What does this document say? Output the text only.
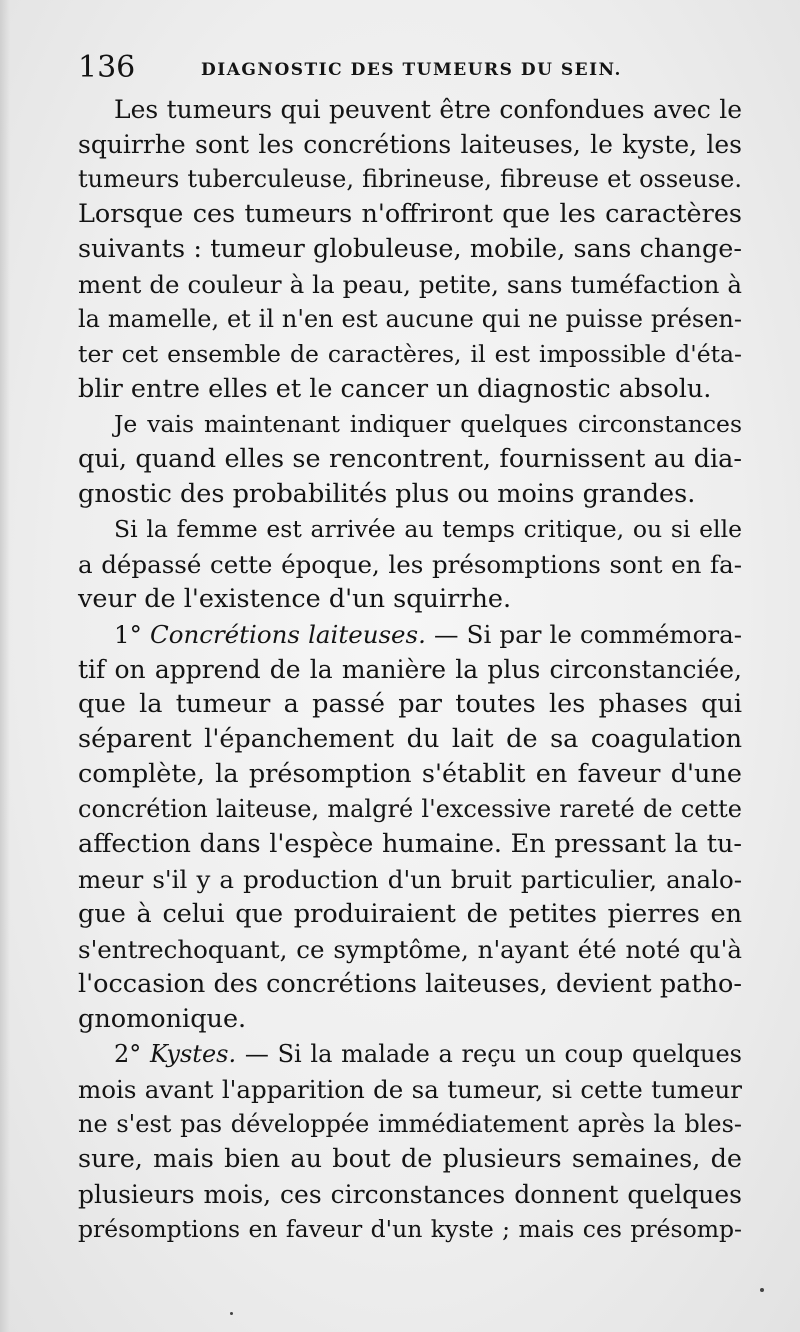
136	DIAGNOSTIC DES TUMEURS DU SEIN.
Les tumeurs qui peuvent être confondues avec le
squirrhe sont les concrétions laiteuses, le kyste, les
tumeurs tuberculeuse, fibrineuse, fibreuse et osseuse.
Lorsque ces tumeurs n'offriront que les caractères
suivants : tumeur globuleuse, mobile, sans change-
ment de couleur à la peau, petite, sans tuméfaction à
la mamelle, et il n'en est aucune qui ne puisse présen-
ter cet ensemble de caractères, il est impossible d'éta-
blir entre elles et le cancer un diagnostic absolu.
Je vais maintenant indiquer quelques circonstances
qui, quand elles se rencontrent, fournissent au dia-
gnostic des probabilités plus ou moins grandes.
Si la femme est arrivée au temps critique, ou si elle
a dépassé cette époque, les présomptions sont en fa-
veur de l'existence d'un squirrhe.
1° Concrétions laiteuses. — Si par le commémora-
tif on apprend de la manière la plus circonstanciée,
que la tumeur a passé par toutes les phases qui
séparent l'épanchement du lait de sa coagulation
complète, la présomption s'établit en faveur d'une
concrétion laiteuse, malgré l'excessive rareté de cette
affection dans l'espèce humaine. En pressant la tu-
meur s'il y a production d'un bruit particulier, analo-
gue à celui que produiraient de petites pierres en
s'entrechoquant, ce symptôme, n'ayant été noté qu'à
l'occasion des concrétions laiteuses, devient patho-
gnomonique.
2° Kystes. — Si la malade a reçu un coup quelques
mois avant l'apparition de sa tumeur, si cette tumeur
ne s'est pas développée immédiatement après la bles-
sure, mais bien au bout de plusieurs semaines, de
plusieurs mois, ces circonstances donnent quelques
présomptions en faveur d'un kyste ; mais ces présomp-
